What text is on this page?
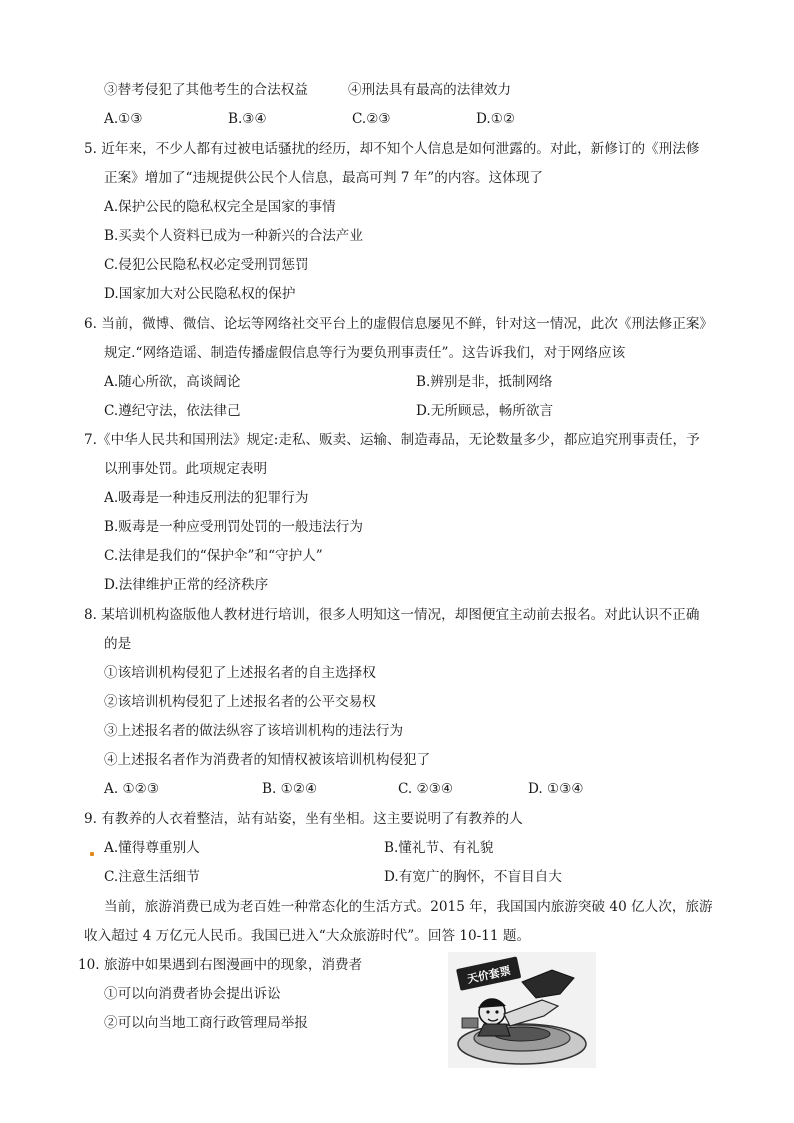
③替考侵犯了其他考生的合法权益	④刑法具有最高的法律效力
A.①③	B.③④	C.②③	D.①②
5. 近年来，不少人都有过被电话骚扰的经历，却不知个人信息是如何泄露的。对此，新修订的《刑法修
正案》增加了“违规提供公民个人信息，最高可判 7 年”的内容。这体现了
A.保护公民的隐私权完全是国家的事情
B.买卖个人资料已成为一种新兴的合法产业
C.侵犯公民隐私权必定受刑罚惩罚
D.国家加大对公民隐私权的保护
6. 当前，微博、微信、论坛等网络社交平台上的虚假信息屡见不鲜，针对这一情况，此次《刑法修正案》
规定.“网络造谣、制造传播虚假信息等行为要负刑事责任”。这告诉我们，对于网络应该
A.随心所欲，高谈阔论	B.辨别是非，抵制网络
C.遵纪守法，依法律己	D.无所顾忌，畅所欲言
7.《中华人民共和国刑法》规定:走私、贩卖、运输、制造毒品，无论数量多少，都应追究刑事责任，予
以刑事处罚。此项规定表明
A.吸毒是一种违反刑法的犯罪行为
B.贩毒是一种应受刑罚处罚的一般违法行为
C.法律是我们的“保护伞”和“守护人”
D.法律维护正常的经济秩序
8. 某培训机构盗版他人教材进行培训，很多人明知这一情况，却图便宜主动前去报名。对此认识不正确
的是
①该培训机构侵犯了上述报名者的自主选择权
②该培训机构侵犯了上述报名者的公平交易权
③上述报名者的做法纵容了该培训机构的违法行为
④上述报名者作为消费者的知情权被该培训机构侵犯了
A. ①②③	B. ①②④	C. ②③④	D. ①③④
9. 有教养的人衣着整洁，站有站姿，坐有坐相。这主要说明了有教养的人
A.懂得尊重别人	B.懂礼节、有礼貌
C.注意生活细节	D.有宽广的胸怀，不盲目自大
当前，旅游消费已成为老百姓一种常态化的生活方式。2015 年，我国国内旅游突破 40 亿人次，旅游
收入超过 4 万亿元人民币。我国已进入“大众旅游时代”。回答 10-11 题。
10. 旅游中如果遇到右图漫画中的现象，消费者
①可以向消费者协会提出诉讼
②可以向当地工商行政管理局举报
天价套票
